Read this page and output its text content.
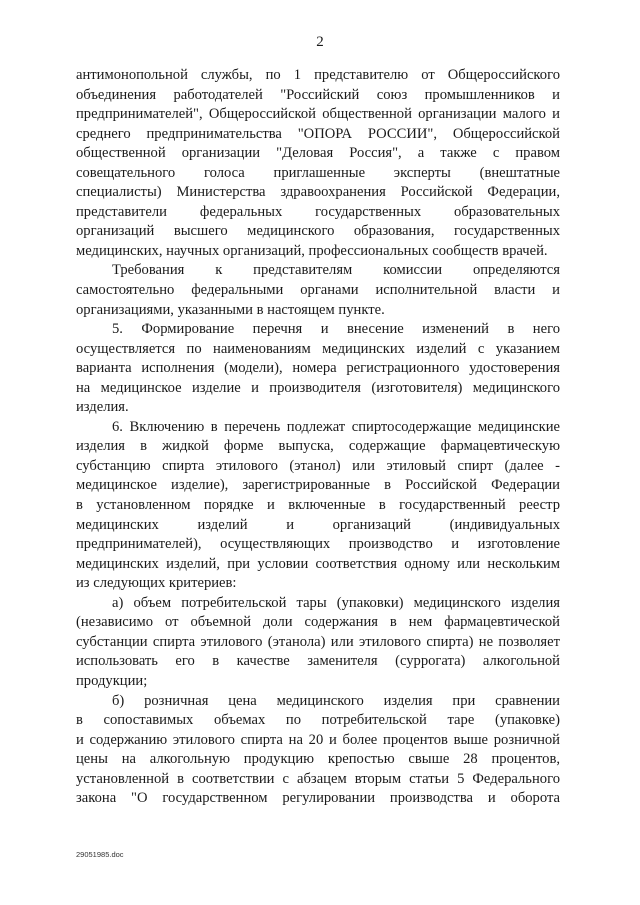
2
антимонопольной службы, по 1 представителю от Общероссийского
объединения работодателей "Российский союз промышленников и
предпринимателей", Общероссийской общественной организации малого и
среднего предпринимательства "ОПОРА РОССИИ", Общероссийской
общественной организации "Деловая Россия", а также с правом
совещательного голоса приглашенные эксперты (внештатные
специалисты) Министерства здравоохранения Российской Федерации,
представители федеральных государственных образовательных
организаций высшего медицинского образования, государственных
медицинских, научных организаций, профессиональных сообществ врачей.
Требования к представителям комиссии определяются
самостоятельно федеральными органами исполнительной власти и
организациями, указанными в настоящем пункте.
5. Формирование перечня и внесение изменений в него
осуществляется по наименованиям медицинских изделий с указанием
варианта исполнения (модели), номера регистрационного удостоверения
на медицинское изделие и производителя (изготовителя) медицинского
изделия.
6. Включению в перечень подлежат спиртосодержащие медицинские
изделия в жидкой форме выпуска, содержащие фармацевтическую
субстанцию спирта этилового (этанол) или этиловый спирт (далее -
медицинское изделие), зарегистрированные в Российской Федерации
в установленном порядке и включенные в государственный реестр
медицинских изделий и организаций (индивидуальных
предпринимателей), осуществляющих производство и изготовление
медицинских изделий, при условии соответствия одному или нескольким
из следующих критериев:
а) объем потребительской тары (упаковки) медицинского изделия
(независимо от объемной доли содержания в нем фармацевтической
субстанции спирта этилового (этанола) или этилового спирта) не позволяет
использовать его в качестве заменителя (суррогата) алкогольной
продукции;
б) розничная цена медицинского изделия при сравнении
в сопоставимых объемах по потребительской таре (упаковке)
и содержанию этилового спирта на 20 и более процентов выше розничной
цены на алкогольную продукцию крепостью свыше 28 процентов,
установленной в соответствии с абзацем вторым статьи 5 Федерального
закона "О государственном регулировании производства и оборота
29051985.doc
